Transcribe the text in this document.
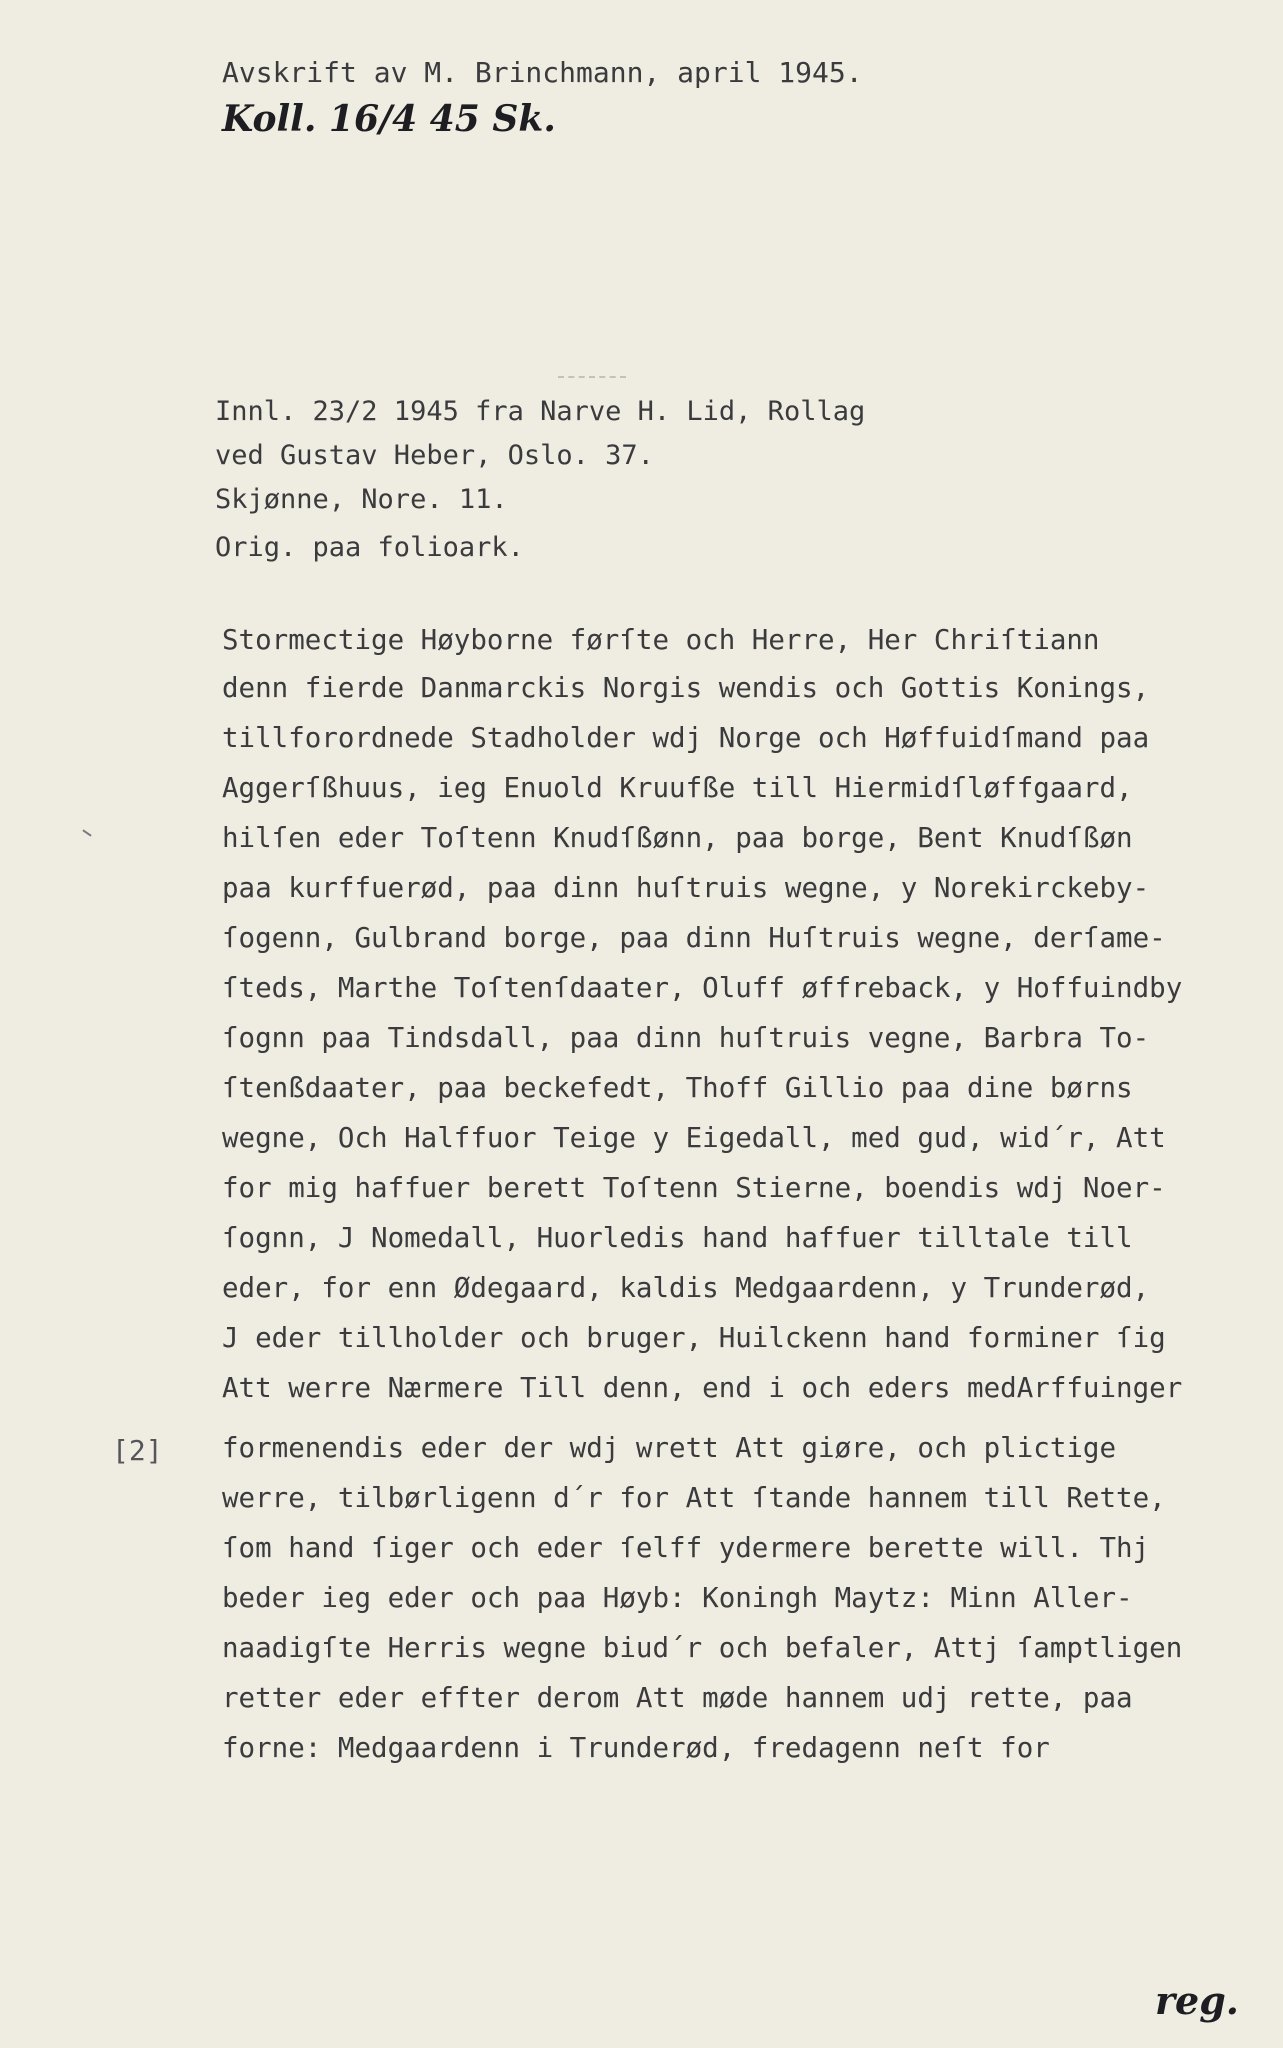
Avskrift av M. Brinchmann, april 1945.
Koll. 16/4 45 Sk.
Innl. 23/2 1945 fra Narve H. Lid, Rollag
ved Gustav Heber, Oslo. 37.
Skjønne, Nore. 11.
Orig. paa folioark.
Stormectige Høyborne førſte och Herre, Her Chriſtiann
denn fierde Danmarckis Norgis wendis och Gottis Konings,
tillforordnede Stadholder wdj Norge och Høffuidſmand paa
Aggerſßhuus, ieg Enuold Kruufße till Hiermidſløffgaard,
hilſen eder Toſtenn Knudſßønn, paa borge, Bent Knudſßøn
paa kurffuerød, paa dinn huſtruis wegne, y Norekirckeby-
ſogenn, Gulbrand borge, paa dinn Huſtruis wegne, derſame-
ſteds, Marthe Toſtenſdaater, Oluff øffreback, y Hoffuindby
ſognn paa Tindsdall, paa dinn huſtruis vegne, Barbra To-
ſtenßdaater, paa beckefedt, Thoff Gillio paa dine børns
wegne, Och Halffuor Teige y Eigedall, med gud, wid´r, Att
for mig haffuer berett Toſtenn Stierne, boendis wdj Noer-
ſognn, J Nomedall, Huorledis hand haffuer tilltale till
eder, for enn Ødegaard, kaldis Medgaardenn, y Trunderød,
J eder tillholder och bruger, Huilckenn hand forminer ſig
Att werre Nærmere Till denn, end i och eders medArffuinger
formenendis eder der wdj wrett Att giøre, och plictige
werre, tilbørligenn d´r for Att ſtande hannem till Rette,
ſom hand ſiger och eder ſelff ydermere berette will. Thj
beder ieg eder och paa Høyb: Koningh Maytz: Minn Aller-
naadigſte Herris wegne biud´r och befaler, Attj ſamptligen
retter eder effter derom Att møde hannem udj rette, paa
forne: Medgaardenn i Trunderød, fredagenn neſt for
[2]
reg.
